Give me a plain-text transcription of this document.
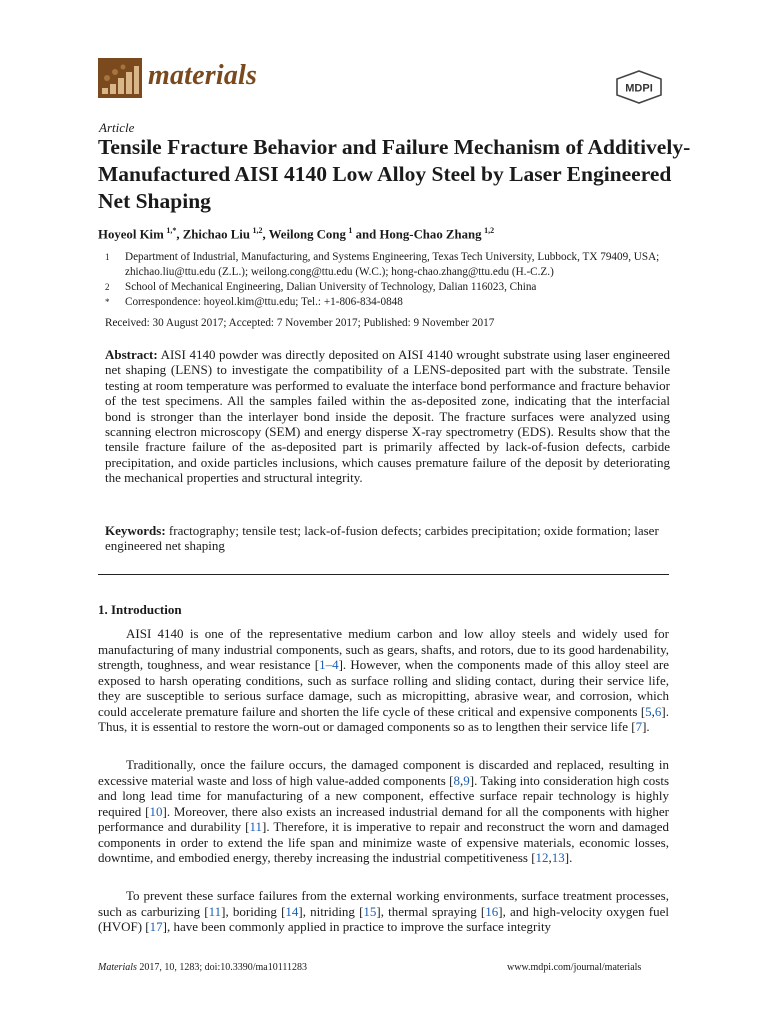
materials	MDPI
Article
Tensile Fracture Behavior and Failure Mechanism of Additively-Manufactured AISI 4140 Low Alloy Steel by Laser Engineered Net Shaping
Hoyeol Kim  $^{1,*}$, Zhichao Liu  $^{1,2}$, Weilong Cong  $^1$ and Hong-Chao Zhang  $^{1,2}$
1 Department of Industrial, Manufacturing, and Systems Engineering, Texas Tech University, Lubbock, TX 79409, USA; zhichao.liu@ttu.edu (Z.L.); weilong.cong@ttu.edu (W.C.); hong-chao.zhang@ttu.edu (H.-C.Z.)
2 School of Mechanical Engineering, Dalian University of Technology, Dalian 116023, China
* Correspondence: hoyeol.kim@ttu.edu; Tel.: +1-806-834-0848
Received: 30 August 2017; Accepted: 7 November 2017; Published: 9 November 2017

Abstract: AISI 4140 powder was directly deposited on AISI 4140 wrought substrate using laser engineered net shaping (LENS) to investigate the compatibility of a LENS-deposited part with the substrate. Tensile testing at room temperature was performed to evaluate the interface bond performance and fracture behavior of the test specimens. All the samples failed within the as-deposited zone, indicating that the interfacial bond is stronger than the interlayer bond inside the deposit. The fracture surfaces were analyzed using scanning electron microscopy (SEM) and energy disperse X-ray spectrometry (EDS). Results show that the tensile fracture failure of the as-deposited part is primarily affected by lack-of-fusion defects, carbide precipitation, and oxide particles inclusions, which causes premature failure of the deposit by deteriorating the mechanical properties and structural integrity.

Keywords: fractography; tensile test; lack-of-fusion defects; carbides precipitation; oxide formation; laser engineered net shaping

1. Introduction

AISI 4140 is one of the representative medium carbon and low alloy steels and widely used for manufacturing of many industrial components, such as gears, shafts, and rotors, due to its good hardenability, strength, toughness, and wear resistance [1–4]. However, when the components made of this alloy steel are exposed to harsh operating conditions, such as surface rolling and sliding contact, during their service life, they are susceptible to serious surface damage, such as micropitting, abrasive wear, and corrosion, which could accelerate premature failure and shorten the life cycle of these critical and expensive components [5,6]. Thus, it is essential to restore the worn-out or damaged components so as to lengthen their service life [7].

Traditionally, once the failure occurs, the damaged component is discarded and replaced, resulting in excessive material waste and loss of high value-added components [8,9]. Taking into consideration high costs and long lead time for manufacturing of a new component, effective surface repair technology is highly required [10]. Moreover, there also exists an increased industrial demand for all the components with higher performance and durability [11]. Therefore, it is imperative to repair and reconstruct the worn and damaged components in order to extend the life span and minimize waste of expensive materials, economic losses, downtime, and embodied energy, thereby increasing the industrial competitiveness [12,13].

To prevent these surface failures from the external working environments, surface treatment processes, such as carburizing [11], boriding [14], nitriding [15], thermal spraying [16], and high-velocity oxygen fuel (HVOF) [17], have been commonly applied in practice to improve the surface integrity

Materials 2017, 10, 1283; doi:10.3390/ma10111283	www.mdpi.com/journal/materials
